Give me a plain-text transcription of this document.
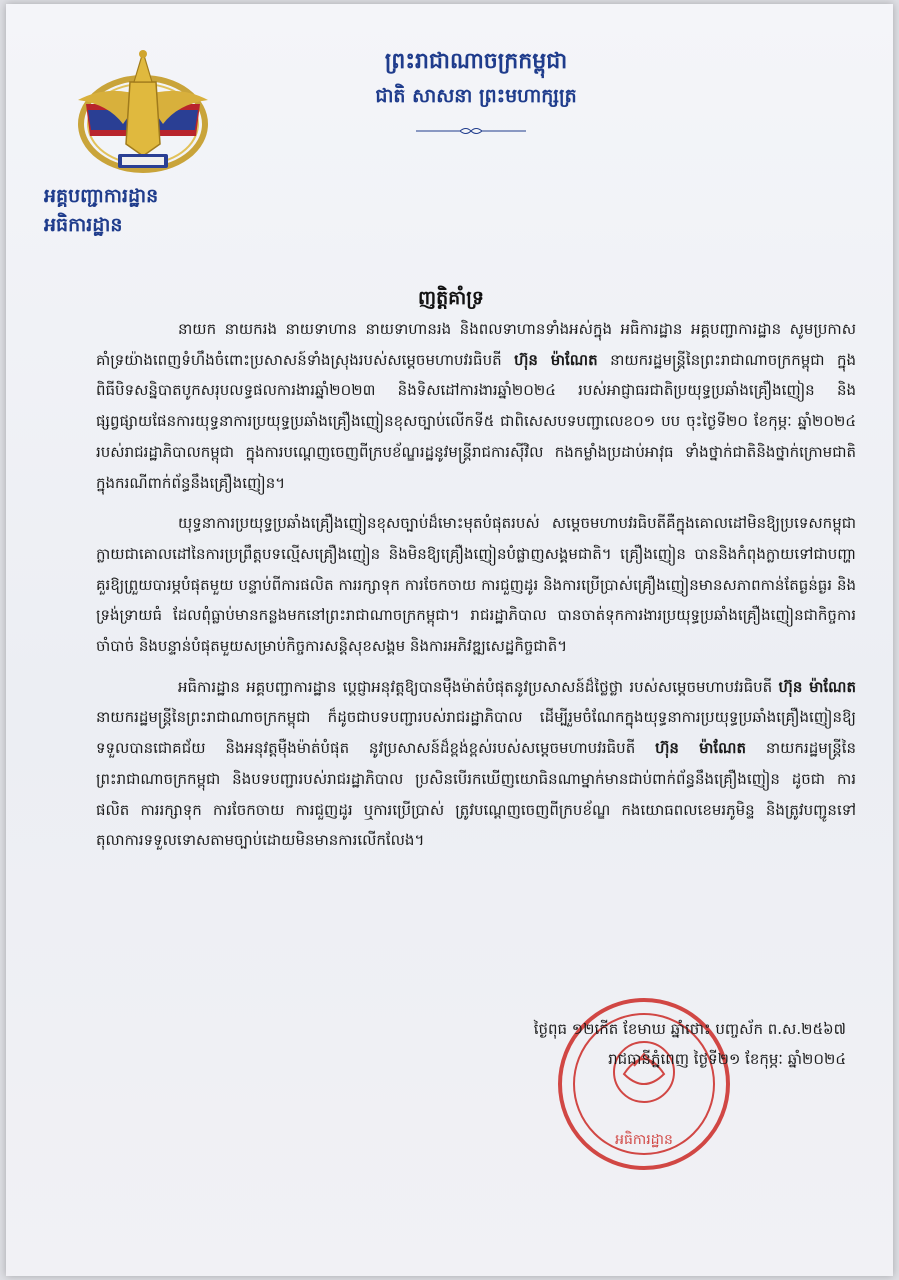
អគ្គបញ្ជាការដ្ឋាន
អធិការដ្ឋាន
ព្រះរាជាណាចក្រកម្ពុជា
ជាតិ សាសនា ព្រះមហាក្សត្រ
ញត្តិគាំទ្រ

នាយក នាយករង នាយទាហាន នាយទាហានរង និងពលទាហានទាំងអស់ក្នុង អធិការដ្ឋាន អគ្គបញ្ជាការដ្ឋាន សូមប្រកាសគាំទ្រយ៉ាងពេញទំហឹងចំពោះប្រសាសន៍ទាំងស្រុងរបស់សម្តេចមហាបវរធិបតី ហ៊ុន ម៉ាណែត នាយករដ្ឋមន្ត្រីនៃព្រះរាជាណាចក្រកម្ពុជា ក្នុងពិធីបិទសន្និបាតបូកសរុបលទ្ធផលការងារឆ្នាំ២០២៣ និងទិសដៅការងារឆ្នាំ២០២៤ របស់អាជ្ញាធរជាតិប្រយុទ្ធប្រឆាំងគ្រឿងញៀន និងផ្សព្វផ្សាយផែនការយុទ្ធនាការប្រយុទ្ធប្រឆាំងគ្រឿងញៀនខុសច្បាប់លើកទី៥ ជាពិសេសបទបញ្ជាលេខ០១ បប ចុះថ្ងៃទី២០ ខែកុម្ភៈ ឆ្នាំ២០២៤ របស់រាជរដ្ឋាភិបាលកម្ពុជា ក្នុងការបណ្តេញចេញពីក្របខ័ណ្ឌរដ្ឋនូវមន្ត្រីរាជការស៊ីវិល កងកម្លាំងប្រដាប់អាវុធ ទាំងថ្នាក់ជាតិនិងថ្នាក់ក្រោមជាតិ ក្នុងករណីពាក់ព័ន្ធនឹងគ្រឿងញៀន។

យុទ្ធនាការប្រយុទ្ធប្រឆាំងគ្រឿងញៀនខុសច្បាប់ដ៏មោះមុតបំផុតរបស់ សម្តេចមហាបវរធិបតីគឺក្នុងគោលដៅមិនឱ្យប្រទេសកម្ពុជាក្លាយជាគោលដៅនៃការប្រព្រឹត្តបទល្មើសគ្រឿងញៀន និងមិនឱ្យគ្រឿងញៀនបំផ្លាញសង្គមជាតិ។ គ្រឿងញៀន បាននិងកំពុងក្លាយទៅជាបញ្ហាគួរឱ្យព្រួយបារម្ភបំផុតមួយ បន្ទាប់ពីការផលិត ការរក្សាទុក ការចែកចាយ ការជួញដូរ និងការប្រើប្រាស់គ្រឿងញៀនមានសភាពកាន់តែធ្ងន់ធ្ងរ និងទ្រង់ទ្រាយធំ ដែលពុំធ្លាប់មានកន្លងមកនៅព្រះរាជាណាចក្រកម្ពុជា។ រាជរដ្ឋាភិបាល បានចាត់ទុកការងារប្រយុទ្ធប្រឆាំងគ្រឿងញៀនជាកិច្ចការចាំបាច់ និងបន្ទាន់បំផុតមួយសម្រាប់កិច្ចការសន្តិសុខសង្គម និងការអភិវឌ្ឍសេដ្ឋកិច្ចជាតិ។

អធិការដ្ឋាន អគ្គបញ្ជាការដ្ឋាន ប្តេជ្ញាអនុវត្តឱ្យបានម៉ឺងម៉ាត់បំផុតនូវប្រសាសន៍ដ៏ថ្លៃថ្លា របស់សម្តេចមហាបវរធិបតី ហ៊ុន ម៉ាណែត នាយករដ្ឋមន្ត្រីនៃព្រះរាជាណាចក្រកម្ពុជា ក៏ដូចជាបទបញ្ជារបស់រាជរដ្ឋាភិបាល ដើម្បីរួមចំណែកក្នុងយុទ្ធនាការប្រយុទ្ធប្រឆាំងគ្រឿងញៀនឱ្យទទួលបានជោគជ័យ និងអនុវត្តម៉ឺងម៉ាត់បំផុត នូវប្រសាសន៍ដ៏ខ្ពង់ខ្ពស់របស់សម្តេចមហាបវរធិបតី ហ៊ុន ម៉ាណែត នាយករដ្ឋមន្ត្រីនៃព្រះរាជាណាចក្រកម្ពុជា និងបទបញ្ជារបស់រាជរដ្ឋាភិបាល ប្រសិនបើរកឃើញយោធិនណាម្នាក់មានជាប់ពាក់ព័ន្ធនឹងគ្រឿងញៀន ដូចជា ការផលិត ការរក្សាទុក ការចែកចាយ ការជួញដូរ ឬការប្រើប្រាស់ ត្រូវបណ្តេញចេញពីក្របខ័ណ្ឌ កងយោធពលខេមរភូមិន្ទ និងត្រូវបញ្ជូនទៅតុលាការទទួលទោសតាមច្បាប់ដោយមិនមានការលើកលែង។

អធិការដ្ឋាន
ថ្ងៃពុធ ១២កើត ខែមាឃ ឆ្នាំថោះ បញ្ចស័ក ព.ស.២៥៦៧
រាជធានីភ្នំពេញ ថ្ងៃទី២១ ខែកុម្ភៈ ឆ្នាំ២០២៤
